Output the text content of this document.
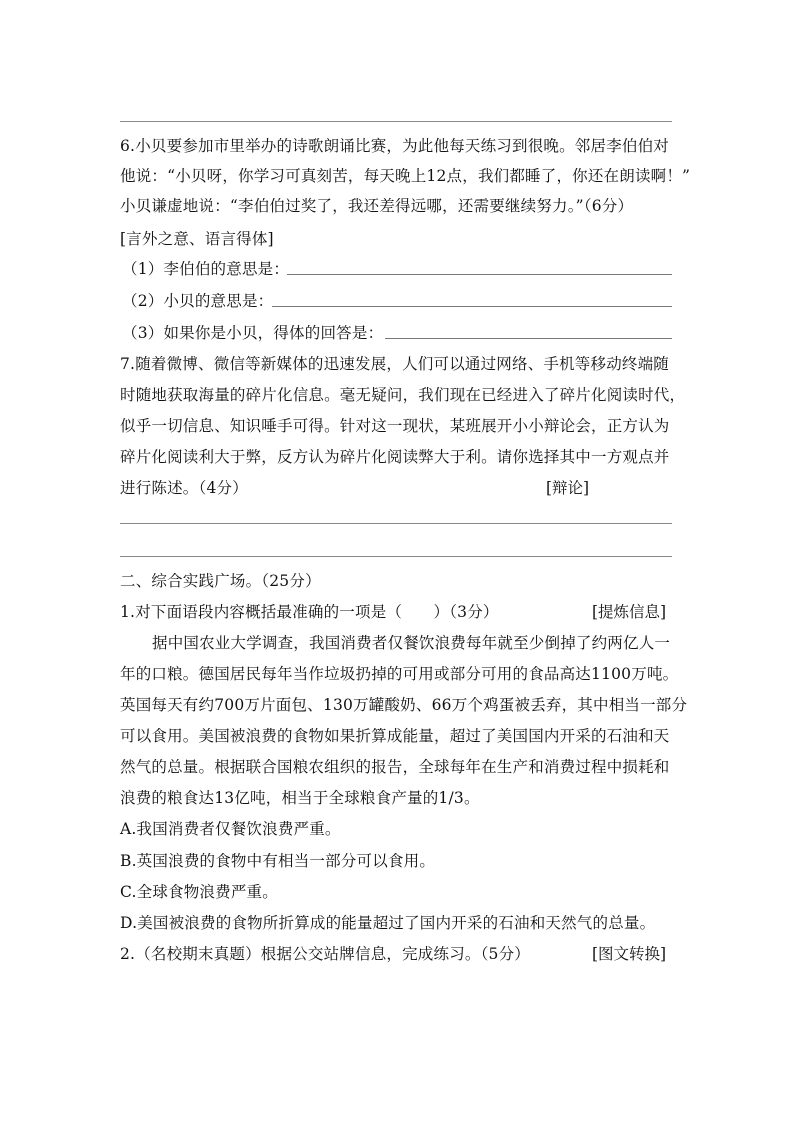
6.小贝要参加市里举办的诗歌朗诵比赛，为此他每天练习到很晚。邻居李伯伯对
他说：“小贝呀，你学习可真刻苦，每天晚上12点，我们都睡了，你还在朗读啊！”
小贝谦虚地说：“李伯伯过奖了，我还差得远哪，还需要继续努力。”（6分）
[言外之意、语言得体]
（1）李伯伯的意思是：
（2）小贝的意思是：
（3）如果你是小贝，得体的回答是：
7.随着微博、微信等新媒体的迅速发展，人们可以通过网络、手机等移动终端随
时随地获取海量的碎片化信息。毫无疑问，我们现在已经进入了碎片化阅读时代，
似乎一切信息、知识唾手可得。针对这一现状，某班展开小小辩论会，正方认为
碎片化阅读利大于弊，反方认为碎片化阅读弊大于利。请你选择其中一方观点并
进行陈述。（4分）	[辩论]
二、综合实践广场。（25分）
1.对下面语段内容概括最准确的一项是（　　）（3分）	[提炼信息]
据中国农业大学调查，我国消费者仅餐饮浪费每年就至少倒掉了约两亿人一
年的口粮。德国居民每年当作垃圾扔掉的可用或部分可用的食品高达1100万吨。
英国每天有约700万片面包、130万罐酸奶、66万个鸡蛋被丢弃，其中相当一部分
可以食用。美国被浪费的食物如果折算成能量，超过了美国国内开采的石油和天
然气的总量。根据联合国粮农组织的报告，全球每年在生产和消费过程中损耗和
浪费的粮食达13亿吨，相当于全球粮食产量的1/3。
A.我国消费者仅餐饮浪费严重。
B.英国浪费的食物中有相当一部分可以食用。
C.全球食物浪费严重。
D.美国被浪费的食物所折算成的能量超过了国内开采的石油和天然气的总量。
2.（名校期末真题）根据公交站牌信息，完成练习。（5分）	[图文转换]
